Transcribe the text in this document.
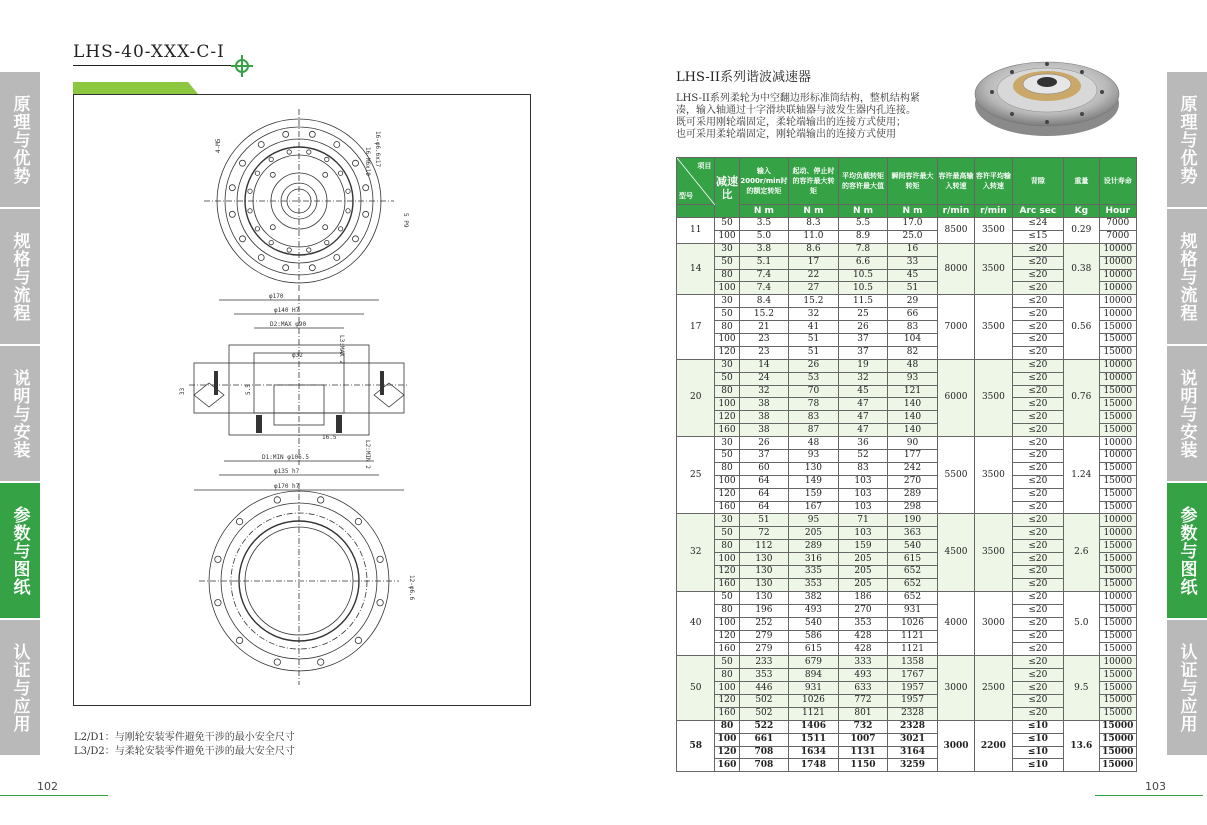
原理与优势
规格与流程
说明与安装
参数与图纸
认证与应用
原理与优势
规格与流程
说明与安装
参数与图纸
认证与应用
LHS-40-XXX-C-I
4-M5
16-M6x10 16-φ6.6x17
5 P9
φ170
φ140 H7
D2:MAX φ90
φ32
D1:MIN φ106.5
φ135 h7
φ170 h7
16.5
33	5.5
L3:MAX 2
L2:MIN 2
12-φ6.6
L2/D1：与刚轮安装零件避免干涉的最小安全尺寸
L3/D2：与柔轮安装零件避免干涉的最大安全尺寸
102
LHS-II系列谐波减速器
LHS-II系列柔轮为中空翻边形标准筒结构，整机结构紧
凑，输入轴通过十字滑块联轴器与波发生器内孔连接。
既可采用刚轮端固定，柔轮端输出的连接方式使用；
也可采用柔轮端固定，刚轮端输出的连接方式使用
项目
型号	减速比	输入2000r/min时的额定转矩	起动、停止时的容许最大转矩	平均负载转矩的容许最大值	瞬间容许最大转矩	容许最高输入转速	容许平均输入转速	背隙	重量	设计寿命
		N m	N m	N m	N m	r/min	r/min	Arc sec	Kg	Hour
11	50	3.5	8.3	5.5	17.0	8500	3500	≤24	0.29	7000
	100	5.0	11.0	8.9	25.0			≤15		7000
14	30	3.8	8.6	7.8	16	8000	3500	≤20	0.38	10000
	50	5.1	17	6.6	33			≤20		10000
	80	7.4	22	10.5	45			≤20		10000
	100	7.4	27	10.5	51			≤20		10000
17	30	8.4	15.2	11.5	29	7000	3500	≤20	0.56	10000
	50	15.2	32	25	66			≤20		10000
	80	21	41	26	83			≤20		15000
	100	23	51	37	104			≤20		15000
	120	23	51	37	82			≤20		15000
20	30	14	26	19	48	6000	3500	≤20	0.76	10000
	50	24	53	32	93			≤20		10000
	80	32	70	45	121			≤20		15000
	100	38	78	47	140			≤20		15000
	120	38	83	47	140			≤20		15000
	160	38	87	47	140			≤20		15000
25	30	26	48	36	90	5500	3500	≤20	1.24	10000
	50	37	93	52	177			≤20		10000
	80	60	130	83	242			≤20		15000
	100	64	149	103	270			≤20		15000
	120	64	159	103	289			≤20		15000
	160	64	167	103	298			≤20		15000
32	30	51	95	71	190	4500	3500	≤20	2.6	10000
	50	72	205	103	363			≤20		10000
	80	112	289	159	540			≤20		15000
	100	130	316	205	615			≤20		15000
	120	130	335	205	652			≤20		15000
	160	130	353	205	652			≤20		15000
40	50	130	382	186	652	4000	3000	≤20	5.0	10000
	80	196	493	270	931			≤20		15000
	100	252	540	353	1026			≤20		15000
	120	279	586	428	1121			≤20		15000
	160	279	615	428	1121			≤20		15000
50	50	233	679	333	1358	3000	2500	≤20	9.5	10000
	80	353	894	493	1767			≤20		15000
	100	446	931	633	1957			≤20		15000
	120	502	1026	772	1957			≤20		15000
	160	502	1121	801	2328			≤20		15000
58	80	522	1406	732	2328	3000	2200	≤10	13.6	15000
	100	661	1511	1007	3021			≤10		15000
	120	708	1634	1131	3164			≤10		15000
	160	708	1748	1150	3259			≤10		15000
103
